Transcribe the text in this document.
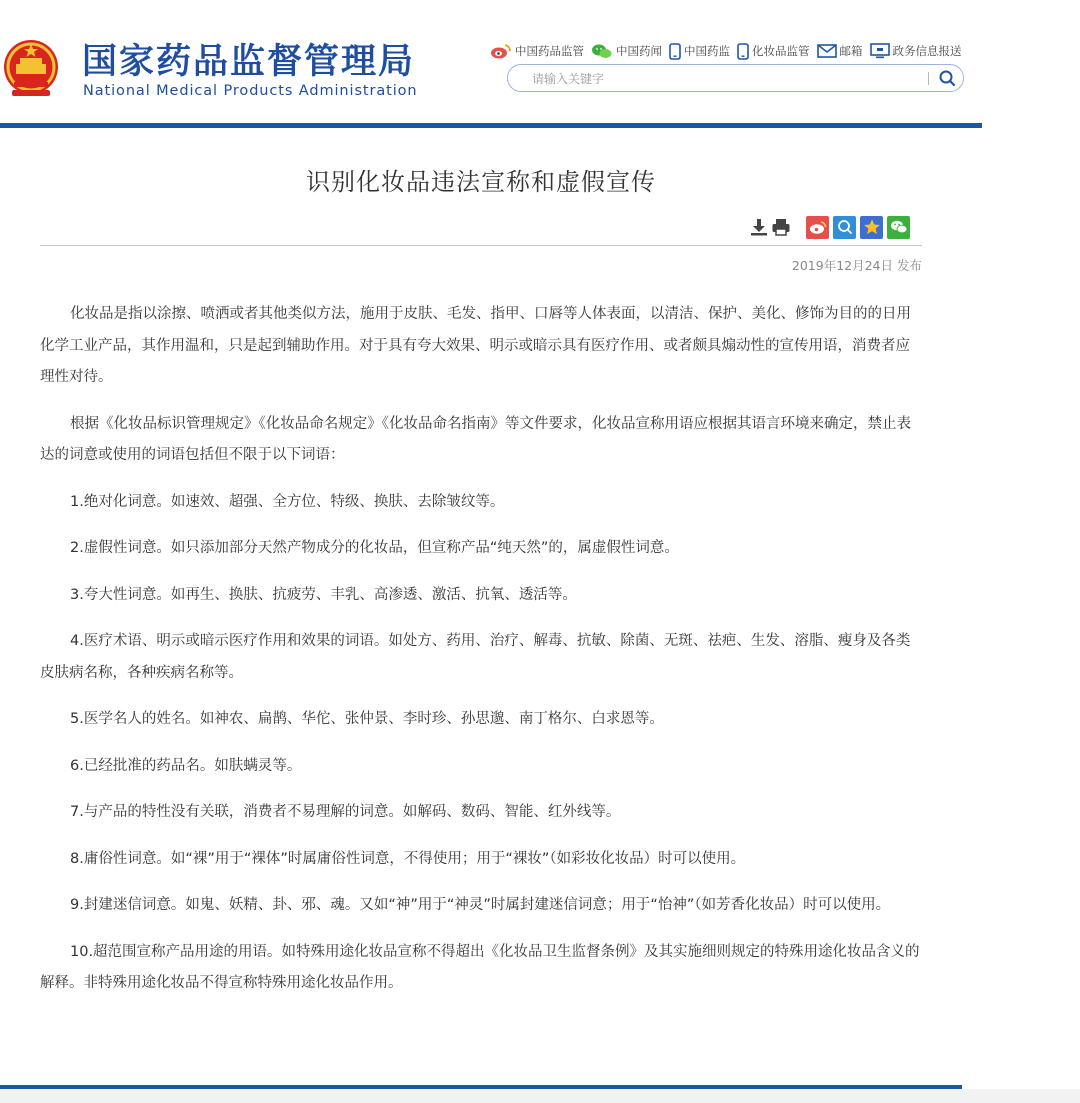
国家药品监督管理局
National Medical Products Administration
中国药品监管	中国药闻 中国药监 化妆品监管	邮箱	政务信息报送
请输入关键字
识别化妆品违法宣称和虚假宣传
2019年12月24日 发布

化妆品是指以涂擦、喷洒或者其他类似方法，施用于皮肤、毛发、指甲、口唇等人体表面，以清洁、保护、美化、修饰为目的的日用化学工业产品，其作用温和，只是起到辅助作用。对于具有夸大效果、明示或暗示具有医疗作用、或者颇具煽动性的宣传用语，消费者应理性对待。

根据《化妆品标识管理规定》《化妆品命名规定》《化妆品命名指南》等文件要求，化妆品宣称用语应根据其语言环境来确定，禁止表达的词意或使用的词语包括但不限于以下词语：

1.绝对化词意。如速效、超强、全方位、特级、换肤、去除皱纹等。

2.虚假性词意。如只添加部分天然产物成分的化妆品，但宣称产品“纯天然”的，属虚假性词意。

3.夸大性词意。如再生、换肤、抗疲劳、丰乳、高渗透、激活、抗氧、透活等。

4.医疗术语、明示或暗示医疗作用和效果的词语。如处方、药用、治疗、解毒、抗敏、除菌、无斑、祛疤、生发、溶脂、瘦身及各类皮肤病名称，各种疾病名称等。

5.医学名人的姓名。如神农、扁鹊、华佗、张仲景、李时珍、孙思邈、南丁格尔、白求恩等。

6.已经批准的药品名。如肤螨灵等。

7.与产品的特性没有关联，消费者不易理解的词意。如解码、数码、智能、红外线等。

8.庸俗性词意。如“裸”用于“裸体”时属庸俗性词意，不得使用；用于“裸妆”（如彩妆化妆品）时可以使用。

9.封建迷信词意。如鬼、妖精、卦、邪、魂。又如“神”用于“神灵”时属封建迷信词意；用于“怡神”（如芳香化妆品）时可以使用。

10.超范围宣称产品用途的用语。如特殊用途化妆品宣称不得超出《化妆品卫生监督条例》及其实施细则规定的特殊用途化妆品含义的解释。非特殊用途化妆品不得宣称特殊用途化妆品作用。
